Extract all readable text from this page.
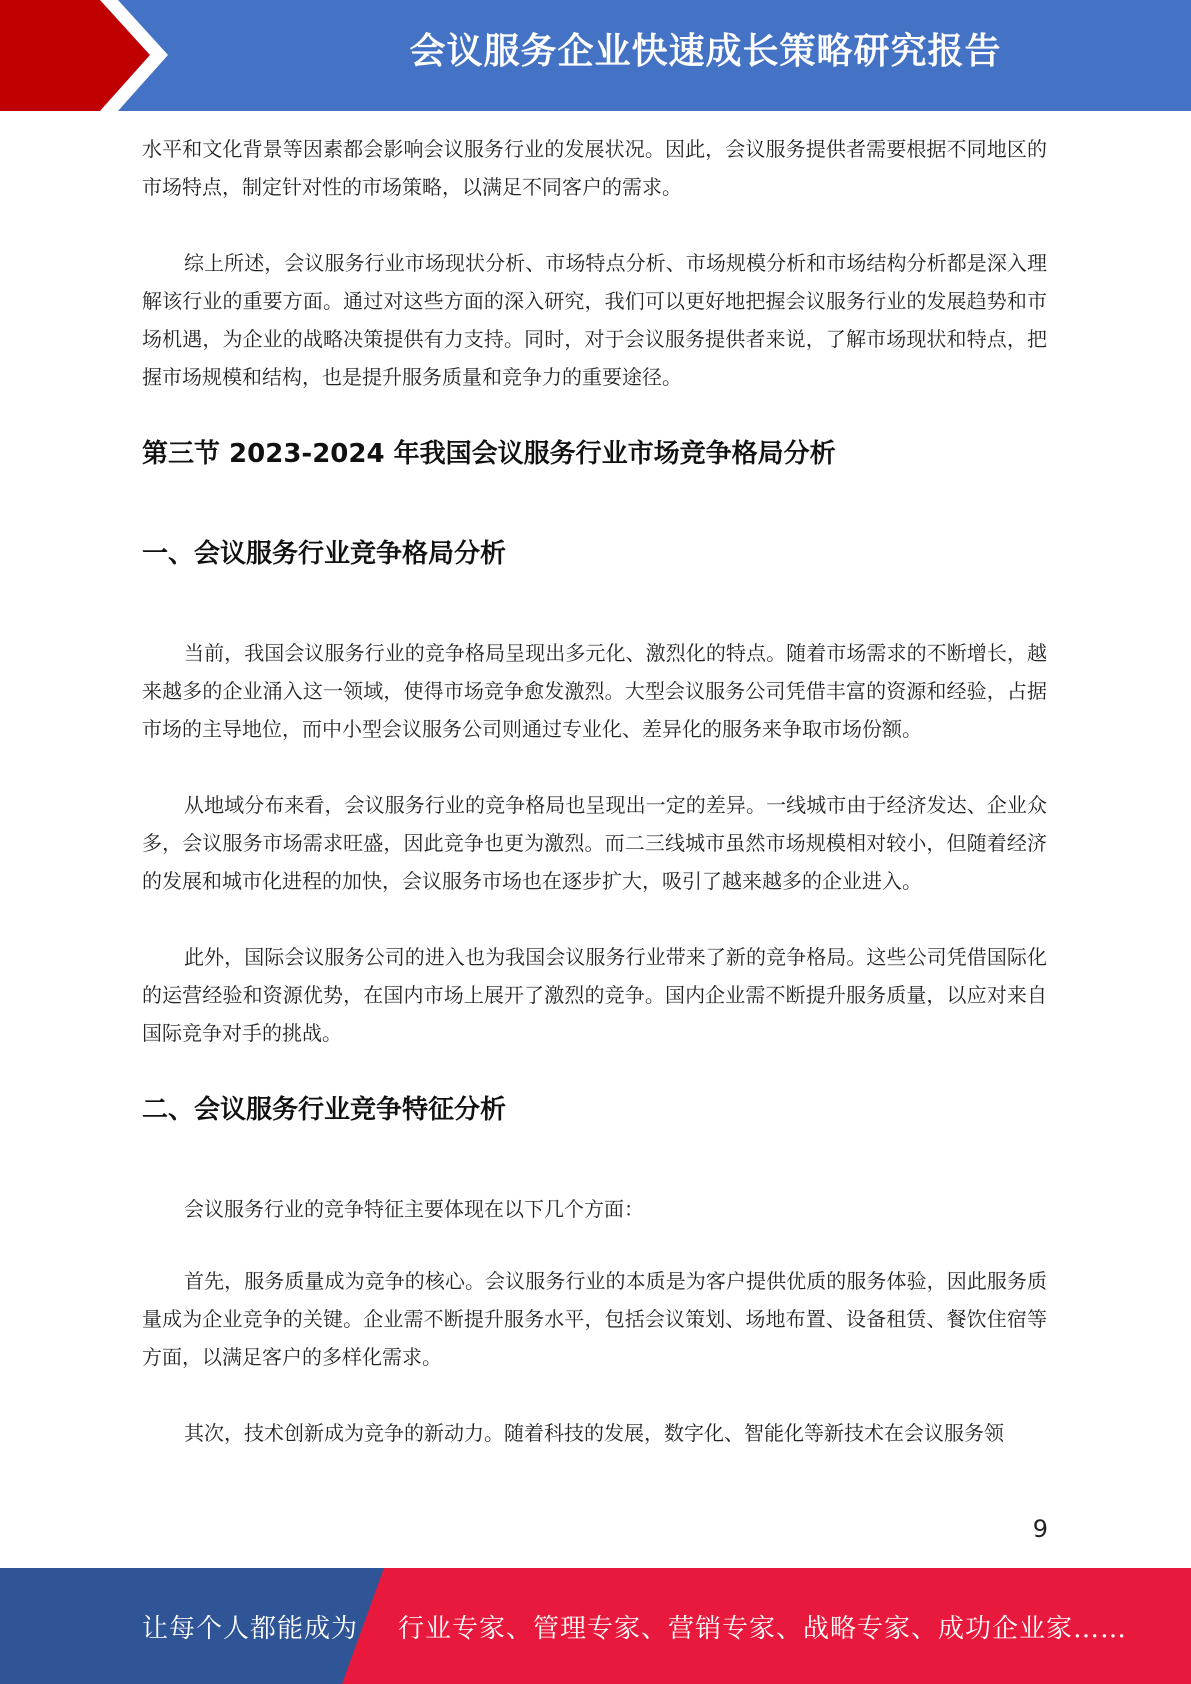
会议服务企业快速成长策略研究报告

水平和文化背景等因素都会影响会议服务行业的发展状况。因此，会议服务提供者需要根据不同地区的市场特点，制定针对性的市场策略，以满足不同客户的需求。

综上所述，会议服务行业市场现状分析、市场特点分析、市场规模分析和市场结构分析都是深入理解该行业的重要方面。通过对这些方面的深入研究，我们可以更好地把握会议服务行业的发展趋势和市场机遇，为企业的战略决策提供有力支持。同时，对于会议服务提供者来说，了解市场现状和特点，把握市场规模和结构，也是提升服务质量和竞争力的重要途径。

第三节 2023-2024 年我国会议服务行业市场竞争格局分析
一、会议服务行业竞争格局分析

当前，我国会议服务行业的竞争格局呈现出多元化、激烈化的特点。随着市场需求的不断增长，越来越多的企业涌入这一领域，使得市场竞争愈发激烈。大型会议服务公司凭借丰富的资源和经验，占据市场的主导地位，而中小型会议服务公司则通过专业化、差异化的服务来争取市场份额。

从地域分布来看，会议服务行业的竞争格局也呈现出一定的差异。一线城市由于经济发达、企业众多，会议服务市场需求旺盛，因此竞争也更为激烈。而二三线城市虽然市场规模相对较小，但随着经济的发展和城市化进程的加快，会议服务市场也在逐步扩大，吸引了越来越多的企业进入。

此外，国际会议服务公司的进入也为我国会议服务行业带来了新的竞争格局。这些公司凭借国际化的运营经验和资源优势，在国内市场上展开了激烈的竞争。国内企业需不断提升服务质量，以应对来自国际竞争对手的挑战。

二、会议服务行业竞争特征分析

会议服务行业的竞争特征主要体现在以下几个方面：

首先，服务质量成为竞争的核心。会议服务行业的本质是为客户提供优质的服务体验，因此服务质量成为企业竞争的关键。企业需不断提升服务水平，包括会议策划、场地布置、设备租赁、餐饮住宿等方面，以满足客户的多样化需求。

其次，技术创新成为竞争的新动力。随着科技的发展，数字化、智能化等新技术在会议服务领

9
让每个人都能成为 行业专家、管理专家、营销专家、战略专家、成功企业家……
